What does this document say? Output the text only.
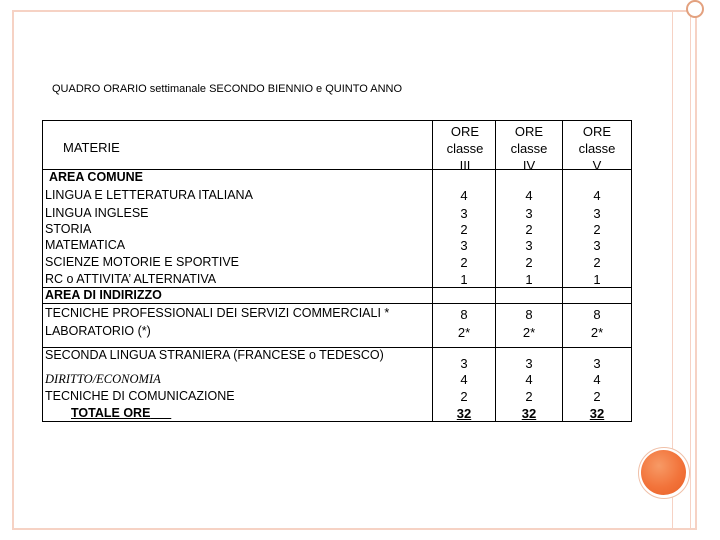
QUADRO ORARIO settimanale SECONDO BIENNIO e QUINTO ANNO
MATERIE
ORE
classe
III
ORE
classe
IV
ORE
classe
V
AREA COMUNE
LINGUA E LETTERATURA ITALIANA
LINGUA INGLESE
STORIA
MATEMATICA
SCIENZE MOTORIE E SPORTIVE
RC o ATTIVITA’ ALTERNATIVA
AREA DI INDIRIZZO
TECNICHE PROFESSIONALI DEI SERVIZI COMMERCIALI *
LABORATORIO (*)
SECONDA LINGUA STRANIERA (FRANCESE o TEDESCO)
DIRITTO/ECONOMIA
TECNICHE DI COMUNICAZIONE
TOTALE ORE
4
3
2
3
2
1
8
2*
3
4
2
32
4
3
2
3
2
1
8
2*
3
4
2
32
4
3
2
3
2
1
8
2*
3
4
2
32
